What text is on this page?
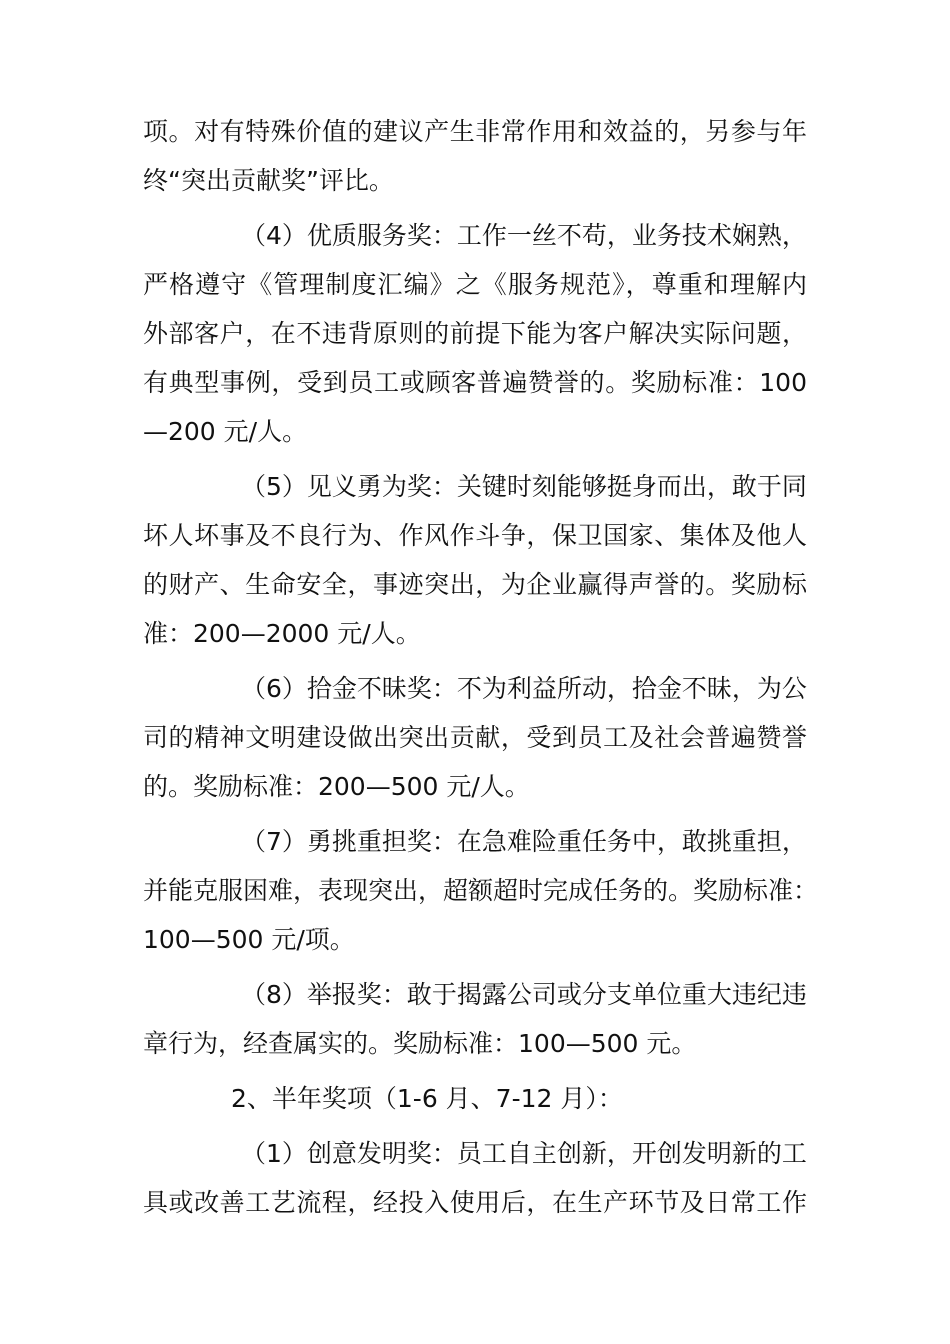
项。对有特殊价值的建议产生非常作用和效益的，另参与年
终“突出贡献奖”评比。
（4）优质服务奖：工作一丝不苟，业务技术娴熟，
严格遵守《管理制度汇编》之《服务规范》，尊重和理解内
外部客户，在不违背原则的前提下能为客户解决实际问题，
有典型事例，受到员工或顾客普遍赞誉的。奖励标准：100
—200 元/人。
（5）见义勇为奖：关键时刻能够挺身而出，敢于同
坏人坏事及不良行为、作风作斗争，保卫国家、集体及他人
的财产、生命安全，事迹突出，为企业赢得声誉的。奖励标
准：200—2000 元/人。
（6）拾金不昧奖：不为利益所动，拾金不昧，为公
司的精神文明建设做出突出贡献，受到员工及社会普遍赞誉
的。奖励标准：200—500 元/人。
（7）勇挑重担奖：在急难险重任务中，敢挑重担，
并能克服困难，表现突出，超额超时完成任务的。奖励标准：
100—500 元/项。
（8）举报奖：敢于揭露公司或分支单位重大违纪违
章行为，经查属实的。奖励标准：100—500 元。
2、半年奖项（1-6 月、7-12 月）：
（1）创意发明奖：员工自主创新，开创发明新的工
具或改善工艺流程，经投入使用后，在生产环节及日常工作
